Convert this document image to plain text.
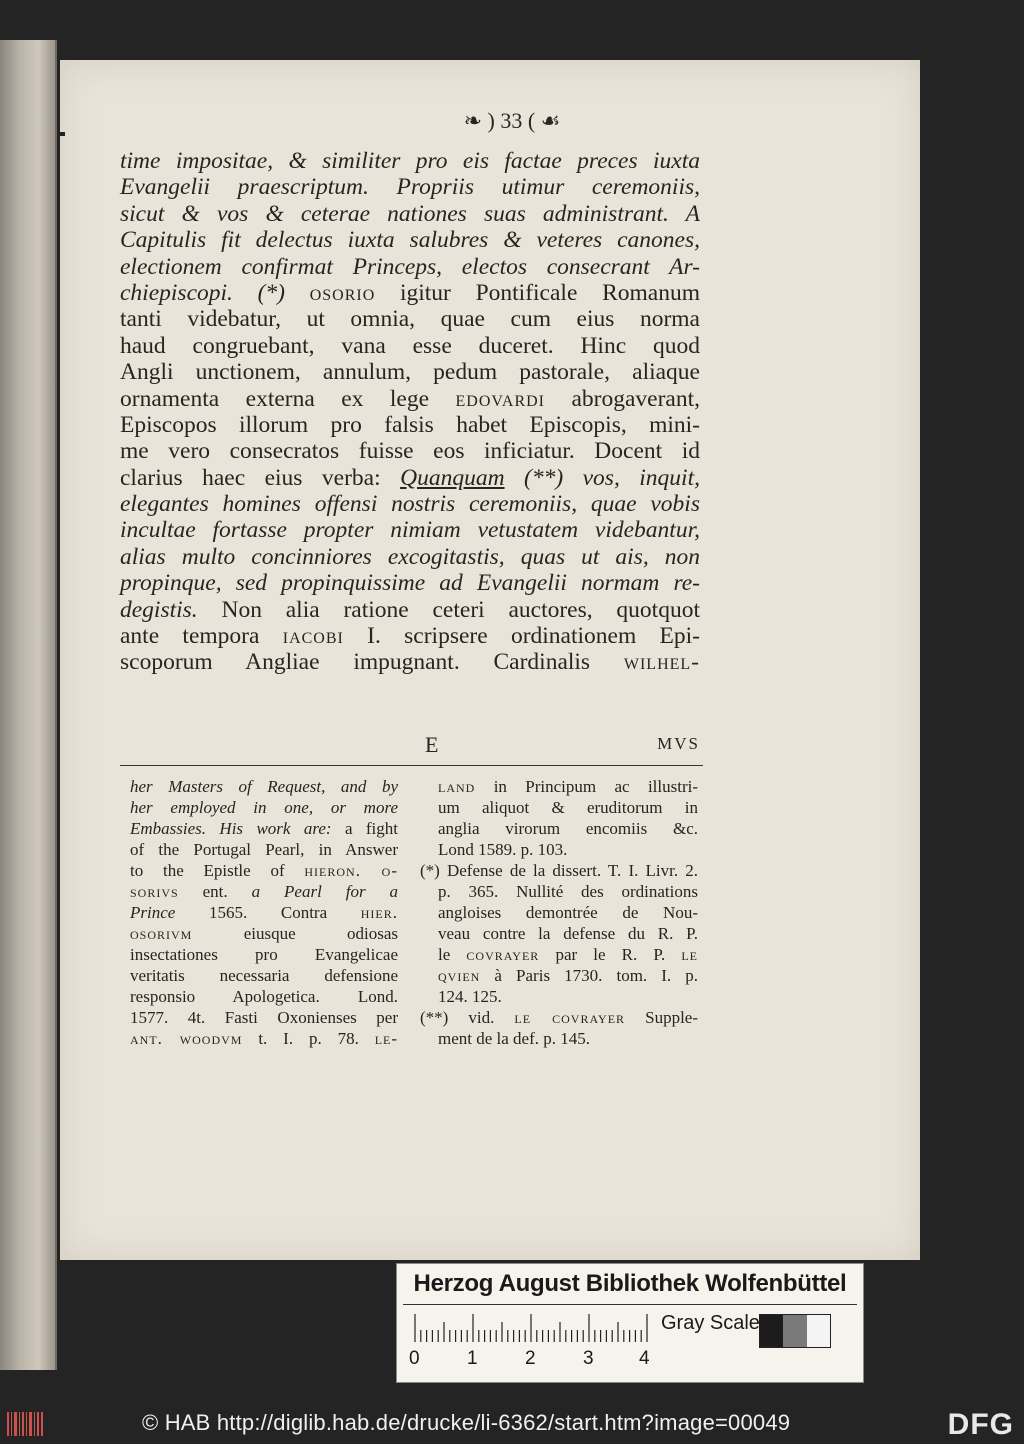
❧ ) 33 ( ☙
time impositae, & similiter pro eis factae preces iuxta
Evangelii praescriptum. Propriis utimur ceremoniis,
sicut & vos & ceterae nationes suas administrant. A
Capitulis fit delectus iuxta salubres & veteres canones,
electionem confirmat Princeps, electos consecrant Ar-
chiepiscopi. (*) osorio igitur Pontificale Romanum
tanti videbatur, ut omnia, quae cum eius norma
haud congruebant, vana esse duceret. Hinc quod
Angli unctionem, annulum, pedum pastorale, aliaque
ornamenta externa ex lege edovardi abrogaverant,
Episcopos illorum pro falsis habet Episcopis, mini-
me vero consecratos fuisse eos inficiatur. Docent id
clarius haec eius verba: Quanquam (**) vos, inquit,
elegantes homines offensi nostris ceremoniis, quae vobis
incultae fortasse propter nimiam vetustatem videbantur,
alias multo concinniores excogitastis, quas ut ais, non
propinque, sed propinquissime ad Evangelii normam re-
degistis. Non alia ratione ceteri auctores, quotquot
ante tempora iacobi I. scripsere ordinationem Epi-
scoporum Angliae impugnant. Cardinalis wilhel-
E	MVS
her Masters of Request, and by
her employed in one, or more
Embassies. His work are: a fight
of the Portugal Pearl, in Answer
to the Epistle of hieron. o-
sorivs ent. a Pearl for a
Prince 1565. Contra hier.
osorivm	eiusque odiosas
insectationes pro Evangelicae
veritatis necessaria defensione
responsio Apologetica. Lond.
1577. 4t. Fasti Oxonienses per
ant. woodvm t. I. p. 78. le-
land in Principum ac illustri-
um aliquot & eruditorum in
anglia virorum encomiis &c.
Lond 1589. p. 103.
(*) Defense de la dissert. T. I. Livr. 2.
p. 365. Nullité des ordinations
angloises demontrée de Nou-
veau contre la defense du R. P.
le covrayer par le R. P. le
qvien à Paris 1730. tom. I. p.
124. 125.
(**) vid. le covrayer Supple-
ment de la def. p. 145.
Herzog August Bibliothek Wolfenbüttel
0 1 2 3 4
Gray Scale
© HAB http://diglib.hab.de/drucke/li-6362/start.htm?image=00049	DFG
